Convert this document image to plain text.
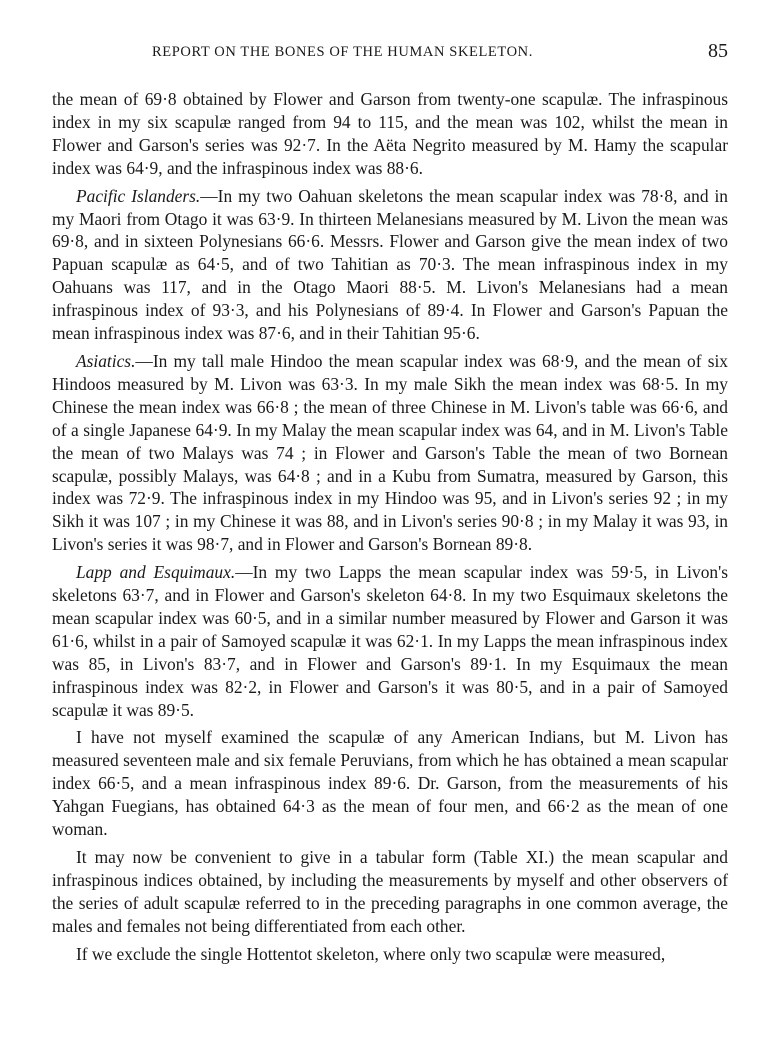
REPORT ON THE BONES OF THE HUMAN SKELETON.	85

the mean of 69·8 obtained by Flower and Garson from twenty-one scapulæ. The infraspinous index in my six scapulæ ranged from 94 to 115, and the mean was 102, whilst the mean in Flower and Garson's series was 92·7. In the Aëta Negrito measured by M. Hamy the scapular index was 64·9, and the infraspinous index was 88·6.

Pacific Islanders.—In my two Oahuan skeletons the mean scapular index was 78·8, and in my Maori from Otago it was 63·9. In thirteen Melanesians measured by M. Livon the mean was 69·8, and in sixteen Polynesians 66·6. Messrs. Flower and Garson give the mean index of two Papuan scapulæ as 64·5, and of two Tahitian as 70·3. The mean infraspinous index in my Oahuans was 117, and in the Otago Maori 88·5. M. Livon's Melanesians had a mean infraspinous index of 93·3, and his Polynesians of 89·4. In Flower and Garson's Papuan the mean infraspinous index was 87·6, and in their Tahitian 95·6.

Asiatics.—In my tall male Hindoo the mean scapular index was 68·9, and the mean of six Hindoos measured by M. Livon was 63·3. In my male Sikh the mean index was 68·5. In my Chinese the mean index was 66·8 ; the mean of three Chinese in M. Livon's table was 66·6, and of a single Japanese 64·9. In my Malay the mean scapular index was 64, and in M. Livon's Table the mean of two Malays was 74 ; in Flower and Garson's Table the mean of two Bornean scapulæ, possibly Malays, was 64·8 ; and in a Kubu from Sumatra, measured by Garson, this index was 72·9. The infraspinous index in my Hindoo was 95, and in Livon's series 92 ; in my Sikh it was 107 ; in my Chinese it was 88, and in Livon's series 90·8 ; in my Malay it was 93, in Livon's series it was 98·7, and in Flower and Garson's Bornean 89·8.

Lapp and Esquimaux.—In my two Lapps the mean scapular index was 59·5, in Livon's skeletons 63·7, and in Flower and Garson's skeleton 64·8. In my two Esquimaux skeletons the mean scapular index was 60·5, and in a similar number measured by Flower and Garson it was 61·6, whilst in a pair of Samoyed scapulæ it was 62·1. In my Lapps the mean infraspinous index was 85, in Livon's 83·7, and in Flower and Garson's 89·1. In my Esquimaux the mean infraspinous index was 82·2, in Flower and Garson's it was 80·5, and in a pair of Samoyed scapulæ it was 89·5.

I have not myself examined the scapulæ of any American Indians, but M. Livon has measured seventeen male and six female Peruvians, from which he has obtained a mean scapular index 66·5, and a mean infraspinous index 89·6. Dr. Garson, from the measurements of his Yahgan Fuegians, has obtained 64·3 as the mean of four men, and 66·2 as the mean of one woman.

It may now be convenient to give in a tabular form (Table XI.) the mean scapular and infraspinous indices obtained, by including the measurements by myself and other observers of the series of adult scapulæ referred to in the preceding paragraphs in one common average, the males and females not being differentiated from each other.

If we exclude the single Hottentot skeleton, where only two scapulæ were measured,
